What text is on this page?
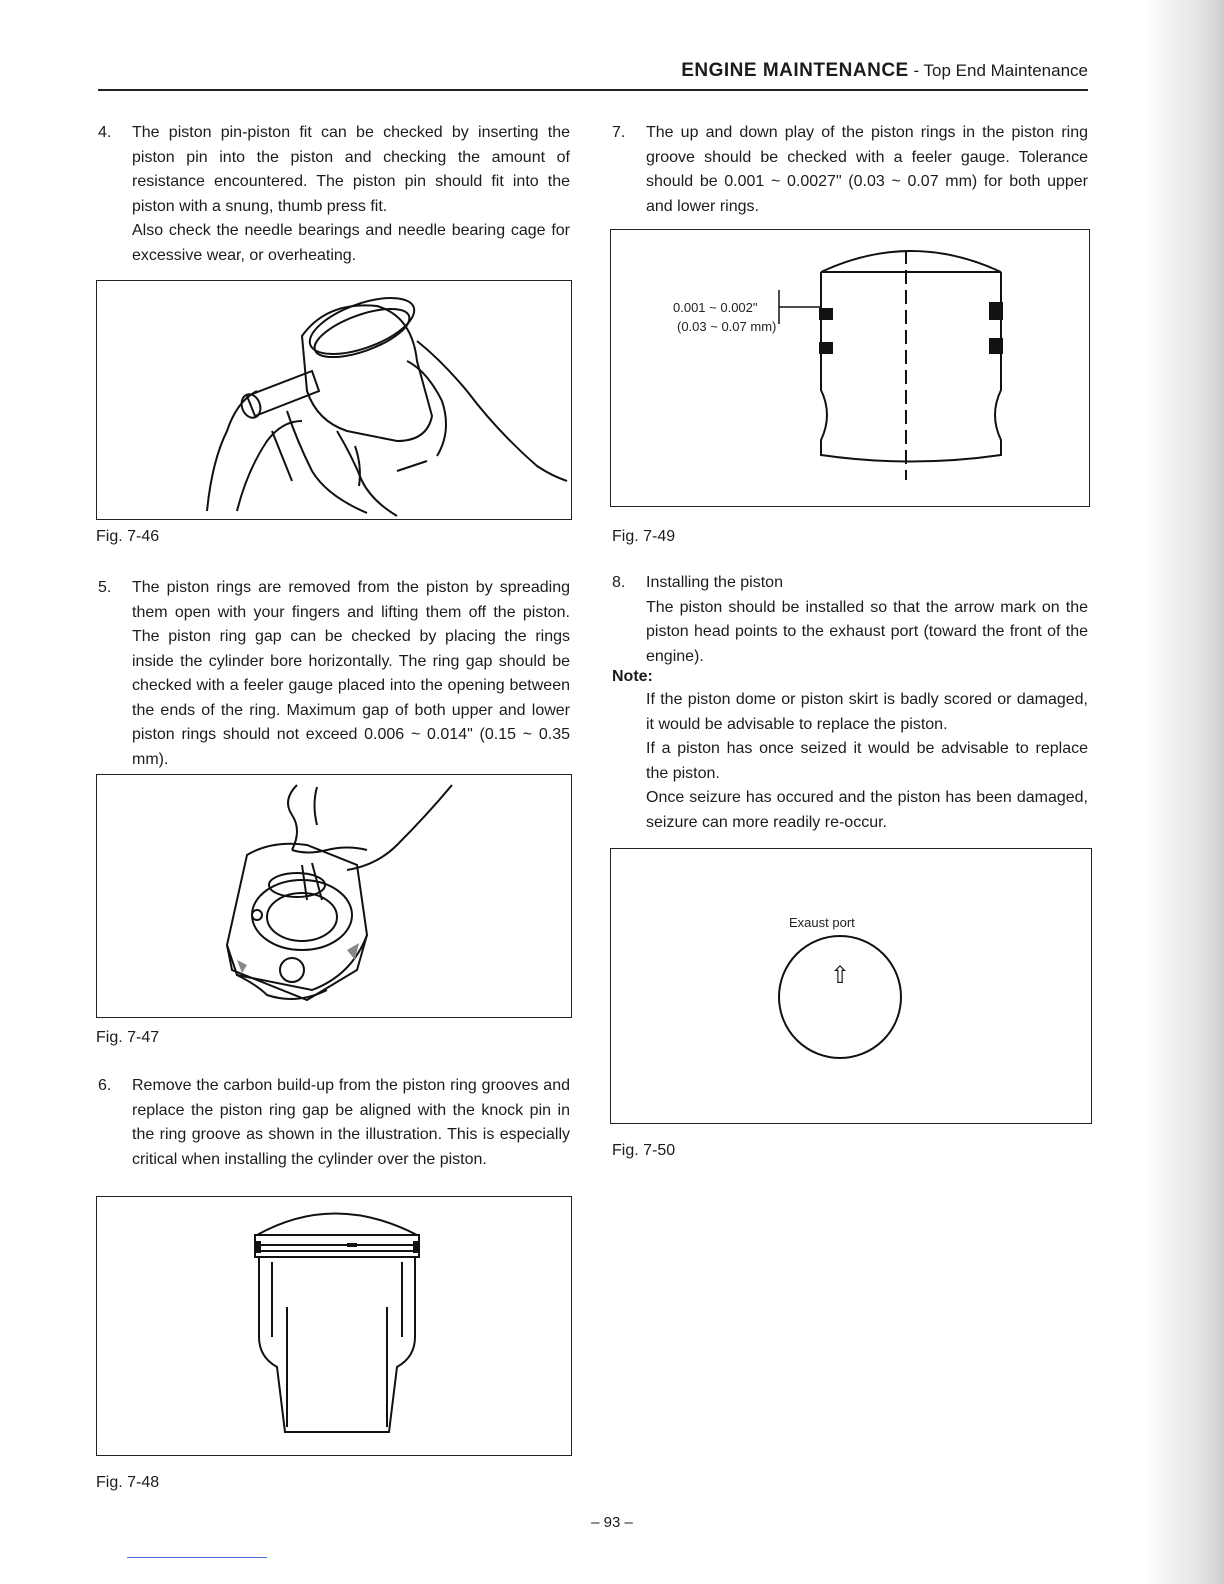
ENGINE MAINTENANCE - Top End Maintenance
4. The piston pin-piston fit can be checked by inserting the piston pin into the piston and checking the amount of resistance encountered. The piston pin should fit into the piston with a snung, thumb press fit.

Also check the needle bearings and needle bearing cage for excessive wear, or overheating.

Fig. 7-46
5. The piston rings are removed from the piston by spreading them open with your fingers and lifting them off the piston. The piston ring gap can be checked by placing the rings inside the cylinder bore horizontally. The ring gap should be checked with a feeler gauge placed into the opening between the ends of the ring. Maximum gap of both upper and lower piston rings should not exceed 0.006 ~ 0.014" (0.15 ~ 0.35 mm).

Fig. 7-47
6. Remove the carbon build-up from the piston ring grooves and replace the piston ring gap be aligned with the knock pin in the ring groove as shown in the illustration. This is especially critical when installing the cylinder over the piston.

Fig. 7-48
7. The up and down play of the piston rings in the piston ring groove should be checked with a feeler gauge. Tolerance should be 0.001 ~ 0.0027" (0.03 ~ 0.07 mm) for both upper and lower rings.

0.001 ~ 0.002"
(0.03 ~ 0.07 mm)
Fig. 7-49
8. Installing the piston

The piston should be installed so that the arrow mark on the piston head points to the exhaust port (toward the front of the engine).

Note:

If the piston dome or piston skirt is badly scored or damaged, it would be advisable to replace the piston.

If a piston has once seized it would be advisable to replace the piston.

Once seizure has occured and the piston has been damaged, seizure can more readily re-occur.

Exaust port
⇧
Fig. 7-50
– 93 –
